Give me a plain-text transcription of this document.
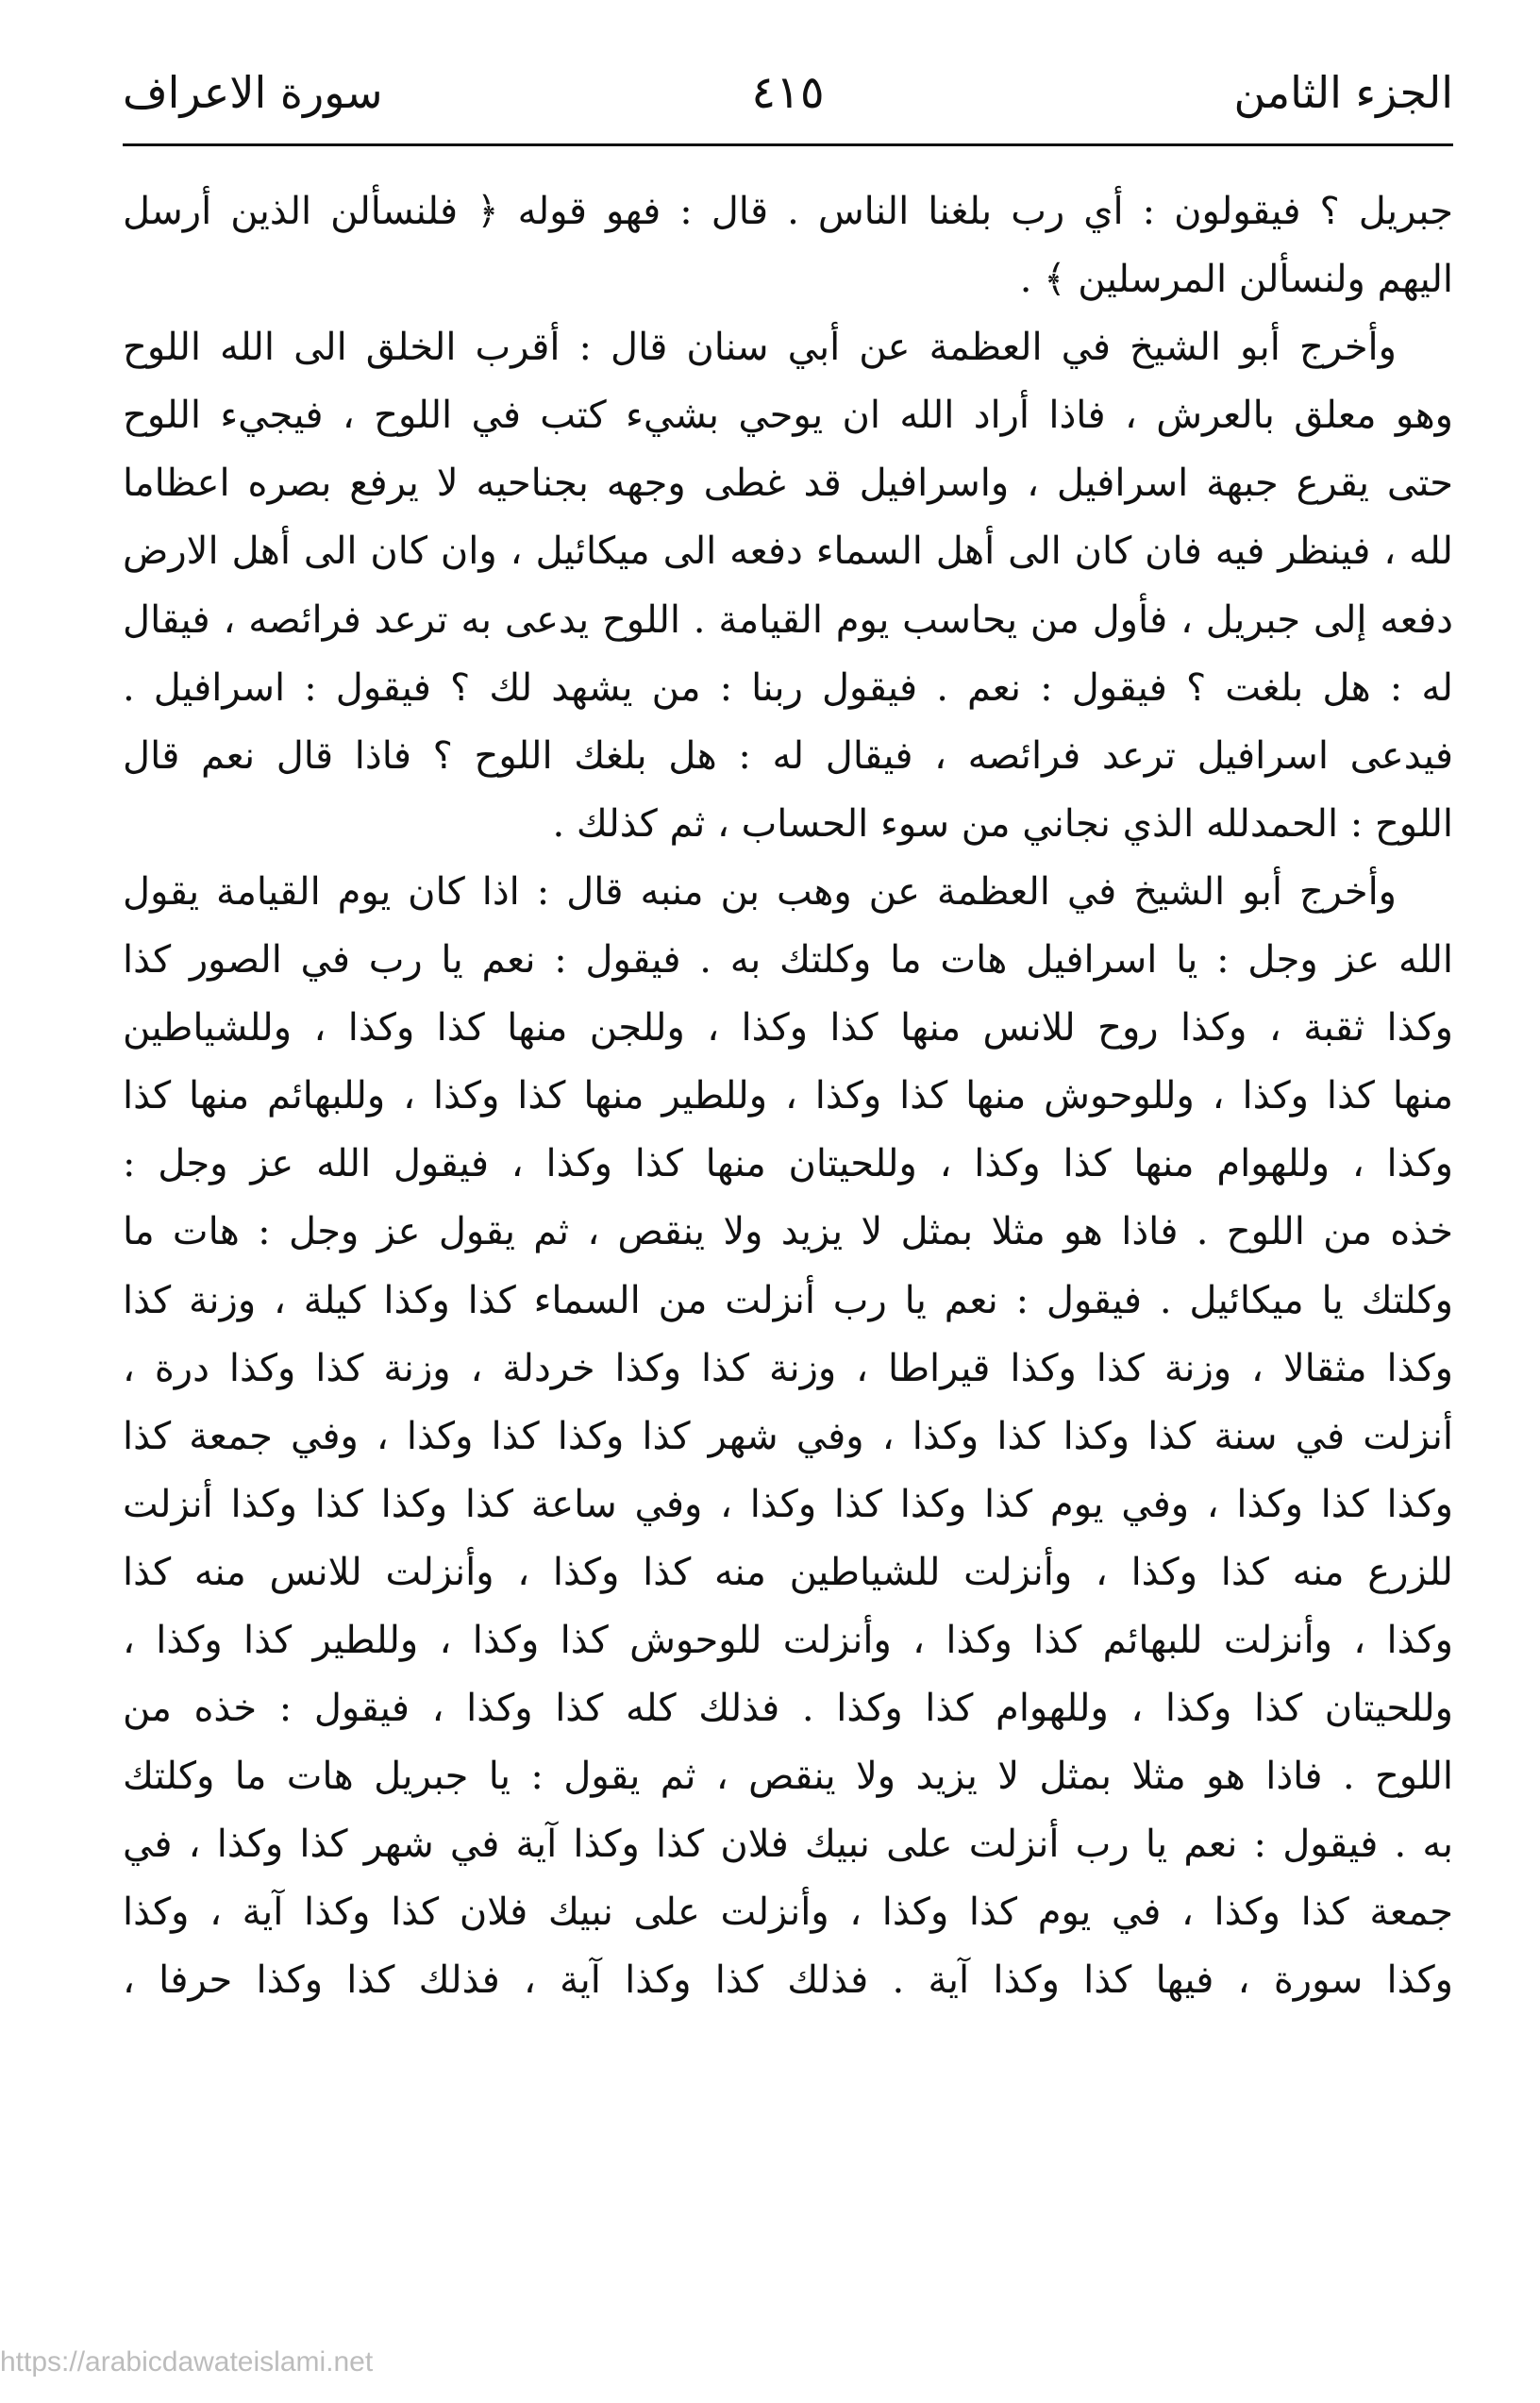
الجزء الثامن
٤١٥
سورة الاعراف
جبريل ؟ فيقولون : أي رب بلغنا الناس . قال : فهو قوله ﴿ فلنسألن الذين أرسل
اليهم ولنسألن المرسلين ﴾ .
وأخرج أبو الشيخ في العظمة عن أبي سنان قال : أقرب الخلق الى الله اللوح
وهو معلق بالعرش ، فاذا أراد الله ان يوحي بشيء كتب في اللوح ، فيجيء اللوح
حتى يقرع جبهة اسرافيل ، واسرافيل قد غطى وجهه بجناحيه لا يرفع بصره اعظاما
لله ، فينظر فيه فان كان الى أهل السماء دفعه الى ميكائيل ، وان كان الى أهل الارض
دفعه إلى جبريل ، فأول من يحاسب يوم القيامة . اللوح يدعى به ترعد فرائصه ، فيقال
له : هل بلغت ؟ فيقول : نعم . فيقول ربنا : من يشهد لك ؟ فيقول : اسرافيل .
فيدعى اسرافيل ترعد فرائصه ، فيقال له : هل بلغك اللوح ؟ فاذا قال نعم قال
اللوح : الحمدلله الذي نجاني من سوء الحساب ، ثم كذلك .
وأخرج أبو الشيخ في العظمة عن وهب بن منبه قال : اذا كان يوم القيامة يقول
الله عز وجل : يا اسرافيل هات ما وكلتك به . فيقول : نعم يا رب في الصور كذا
وكذا ثقبة ، وكذا روح للانس منها كذا وكذا ، وللجن منها كذا وكذا ، وللشياطين
منها كذا وكذا ، وللوحوش منها كذا وكذا ، وللطير منها كذا وكذا ، وللبهائم منها كذا
وكذا ، وللهوام منها كذا وكذا ، وللحيتان منها كذا وكذا ، فيقول الله عز وجل :
خذه من اللوح . فاذا هو مثلا بمثل لا يزيد ولا ينقص ، ثم يقول عز وجل : هات ما
وكلتك يا ميكائيل . فيقول : نعم يا رب أنزلت من السماء كذا وكذا كيلة ، وزنة كذا
وكذا مثقالا ، وزنة كذا وكذا قيراطا ، وزنة كذا وكذا خردلة ، وزنة كذا وكذا درة ،
أنزلت في سنة كذا وكذا كذا وكذا ، وفي شهر كذا وكذا كذا وكذا ، وفي جمعة كذا
وكذا كذا وكذا ، وفي يوم كذا وكذا كذا وكذا ، وفي ساعة كذا وكذا كذا وكذا أنزلت
للزرع منه كذا وكذا ، وأنزلت للشياطين منه كذا وكذا ، وأنزلت للانس منه كذا
وكذا ، وأنزلت للبهائم كذا وكذا ، وأنزلت للوحوش كذا وكذا ، وللطير كذا وكذا ،
وللحيتان كذا وكذا ، وللهوام كذا وكذا . فذلك كله كذا وكذا ، فيقول : خذه من
اللوح . فاذا هو مثلا بمثل لا يزيد ولا ينقص ، ثم يقول : يا جبريل هات ما وكلتك
به . فيقول : نعم يا رب أنزلت على نبيك فلان كذا وكذا آية في شهر كذا وكذا ، في
جمعة كذا وكذا ، في يوم كذا وكذا ، وأنزلت على نبيك فلان كذا وكذا آية ، وكذا
وكذا سورة ، فيها كذا وكذا آية . فذلك كذا وكذا آية ، فذلك كذا وكذا حرفا ،
https://arabicdawateislami.net
